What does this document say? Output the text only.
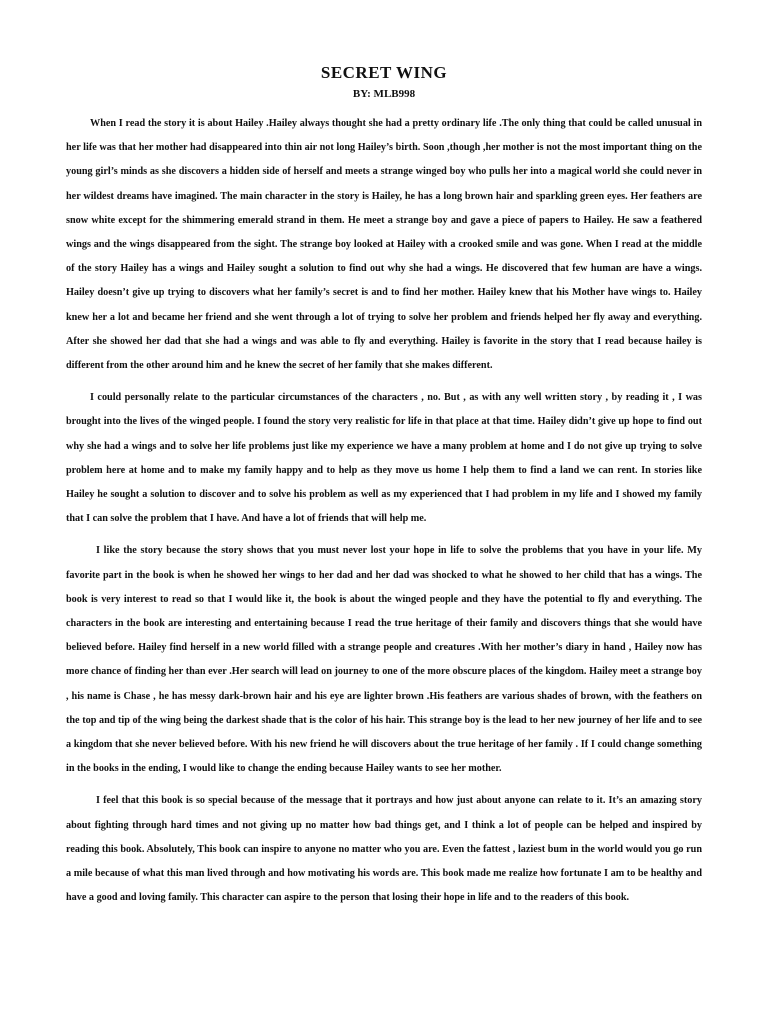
SECRET WING
BY: MLB998

When I read the story it is about Hailey .Hailey always thought she had a pretty ordinary life .The only thing that could be called unusual in her life was that her mother had disappeared into thin air not long Hailey’s birth. Soon ,though ,her mother is not the most important thing on the young girl’s minds as she discovers a hidden side of herself and meets a strange winged boy who pulls her into a magical world she could never in her wildest dreams have imagined. The main character in the story is Hailey, he has a long brown hair and sparkling green eyes. Her feathers are snow white except for the shimmering emerald strand in them. He meet a strange boy and gave a piece of papers to Hailey. He saw a feathered wings and the wings disappeared from the sight. The strange boy looked at Hailey with a crooked smile and was gone. When I read at the middle of the story Hailey has a wings and Hailey sought a solution to find out why she had a wings. He discovered that few human are have a wings. Hailey doesn’t give up trying to discovers what her family’s secret is and to find her mother. Hailey knew that his Mother have wings to. Hailey knew her a lot and became her friend and she went through a lot of trying to solve her problem and friends helped her fly away and everything. After she showed her dad that she had a wings and was able to fly and everything. Hailey is favorite in the story that I read because hailey is different from the other around him and he knew the secret of her family that she makes different.

I could personally relate to the particular circumstances of the characters , no. But , as with any well written story , by reading it , I was brought into the lives of the winged people. I found the story very realistic for life in that place at that time. Hailey didn’t give up hope to find out why she had a wings and to solve her life problems just like my experience we have a many problem at home and I do not give up trying to solve problem here at home and to make my family happy and to help as they move us home I help them to find a land we can rent. In stories like Hailey he sought a solution to discover and to solve his problem as well as my experienced that I had problem in my life and I showed my family that I can solve the problem that I have. And have a lot of friends that will help me.

I like the story because the story shows that you must never lost your hope in life to solve the problems that you have in your life. My favorite part in the book is when he showed her wings to her dad and her dad was shocked to what he showed to her child that has a wings. The book is very interest to read so that I would like it, the book is about the winged people and they have the potential to fly and everything. The characters in the book are interesting and entertaining because I read the true heritage of their family and discovers things that she would have believed before. Hailey find herself in a new world filled with a strange people and creatures .With her mother’s diary in hand , Hailey now has more chance of finding her than ever .Her search will lead on journey to one of the more obscure places of the kingdom. Hailey meet a strange boy , his name is Chase , he has messy dark-brown hair and his eye are lighter brown .His feathers are various shades of brown, with the feathers on the top and tip of the wing being the darkest shade that is the color of his hair. This strange boy is the lead to her new journey of her life and to see a kingdom that she never believed before. With his new friend he will discovers about the true heritage of her family . If I could change something in the books in the ending, I would like to change the ending because Hailey wants to see her mother.

I feel that this book is so special because of the message that it portrays and how just about anyone can relate to it. It’s an amazing story about fighting through hard times and not giving up no matter how bad things get, and I think a lot of people can be helped and inspired by reading this book. Absolutely, This book can inspire to anyone no matter who you are. Even the fattest , laziest bum in the world would you go run a mile because of what this man lived through and how motivating his words are. This book made me realize how fortunate I am to be healthy and have a good and loving family. This character can aspire to the person that losing their hope in life and to the readers of this book.
